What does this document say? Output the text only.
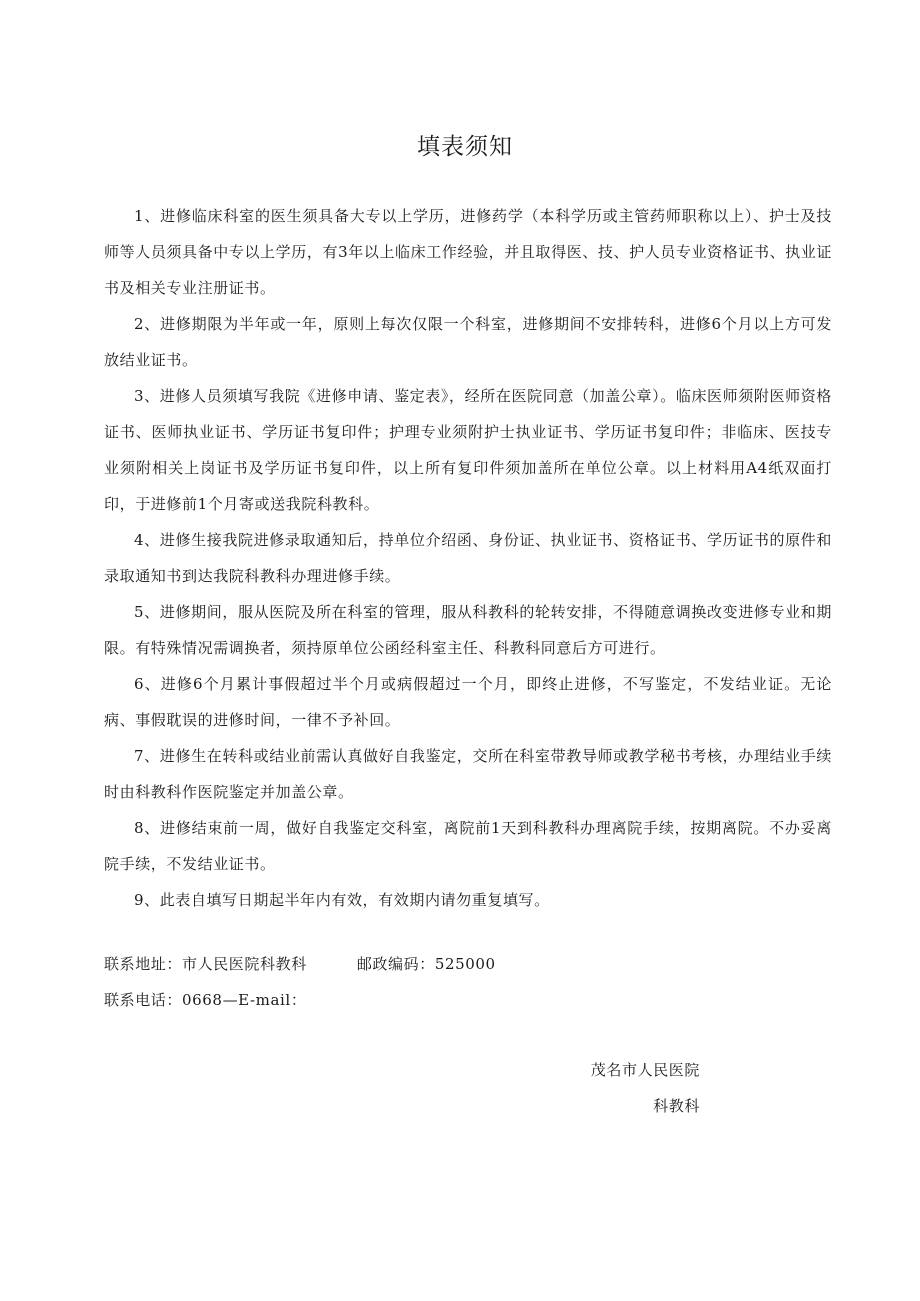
填表须知

1、进修临床科室的医生须具备大专以上学历，进修药学（本科学历或主管药师职称以上）、护士及技师等人员须具备中专以上学历，有3年以上临床工作经验，并且取得医、技、护人员专业资格证书、执业证书及相关专业注册证书。

2、进修期限为半年或一年，原则上每次仅限一个科室，进修期间不安排转科，进修6个月以上方可发放结业证书。

3、进修人员须填写我院《进修申请、鉴定表》，经所在医院同意（加盖公章）。临床医师须附医师资格证书、医师执业证书、学历证书复印件；护理专业须附护士执业证书、学历证书复印件；非临床、医技专业须附相关上岗证书及学历证书复印件，以上所有复印件须加盖所在单位公章。以上材料用A4纸双面打印，于进修前1个月寄或送我院科教科。

4、进修生接我院进修录取通知后，持单位介绍函、身份证、执业证书、资格证书、学历证书的原件和录取通知书到达我院科教科办理进修手续。

5、进修期间，服从医院及所在科室的管理，服从科教科的轮转安排，不得随意调换改变进修专业和期限。有特殊情况需调换者，须持原单位公函经科室主任、科教科同意后方可进行。

6、进修6个月累计事假超过半个月或病假超过一个月，即终止进修，不写鉴定，不发结业证。无论病、事假耽误的进修时间，一律不予补回。

7、进修生在转科或结业前需认真做好自我鉴定，交所在科室带教导师或教学秘书考核，办理结业手续时由科教科作医院鉴定并加盖公章。

8、进修结束前一周，做好自我鉴定交科室，离院前1天到科教科办理离院手续，按期离院。不办妥离院手续，不发结业证书。

9、此表自填写日期起半年内有效，有效期内请勿重复填写。

联系地址：市人民医院科教科	邮政编码：525000
联系电话：0668—E-mail：
茂名市人民医院
科教科
